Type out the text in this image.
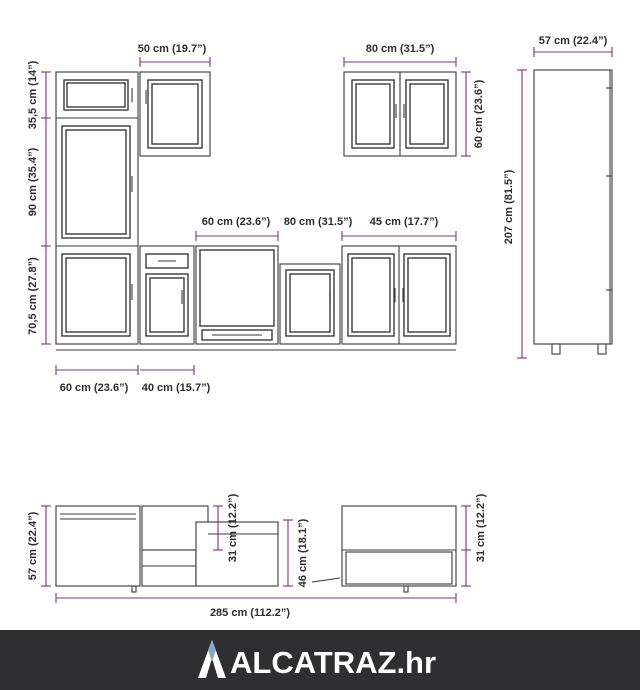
50 cm (19.7”)	80 cm (31.5”)
57 cm (22.4”)
35,5 cm (14”)	60 cm (23.6”)
90 cm (35.4”)	207 cm (81.5”)
60 cm (23.6”) 80 cm (31.5”) 45 cm (17.7”)
70,5 cm (27.8”)
60 cm (23.6”) 40 cm (15.7”)
57 cm (22.4”)	31 cm (12.2”)	46 cm (18.1”)	31 cm (12.2”)
285 cm (112.2”)
ALCATRAZ.hr
